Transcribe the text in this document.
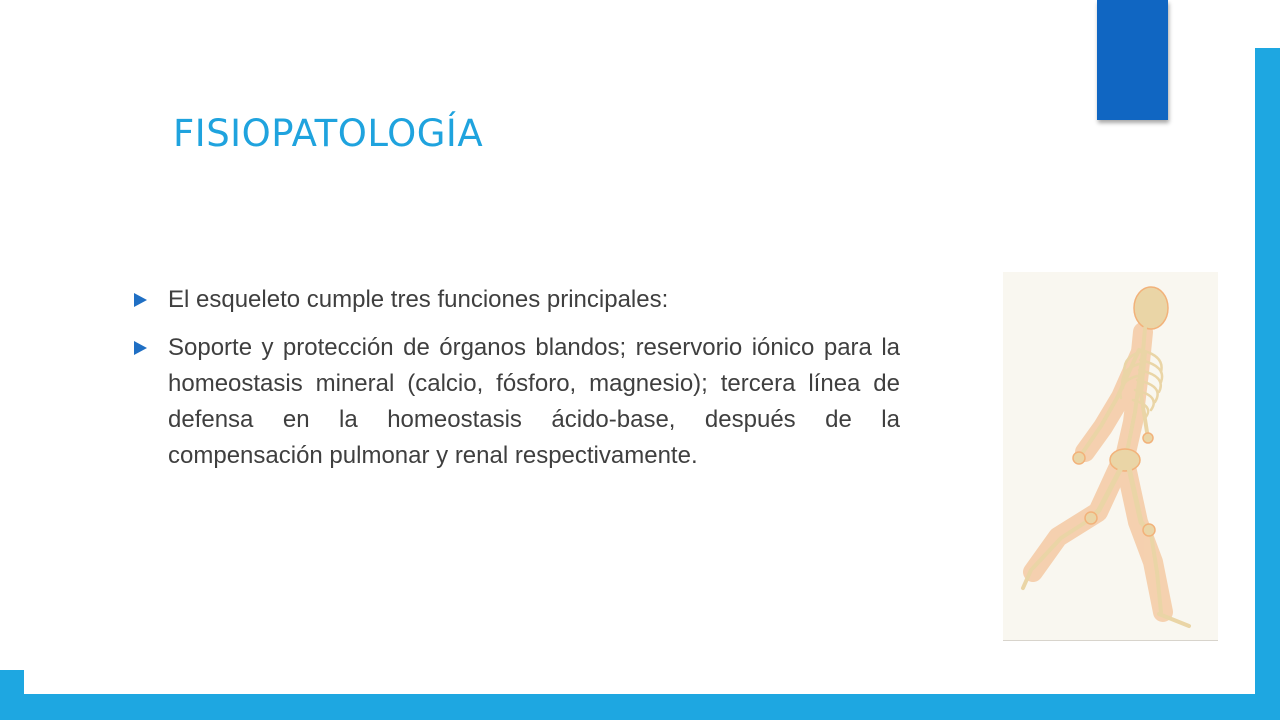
FISIOPATOLOGÍA
El esqueleto cumple tres funciones principales:
Soporte y protección de órganos blandos; reservorio iónico para la homeostasis mineral (calcio, fósforo, magnesio); tercera línea de defensa en la homeostasis ácido-base, después de la compensación pulmonar y renal respectivamente.
